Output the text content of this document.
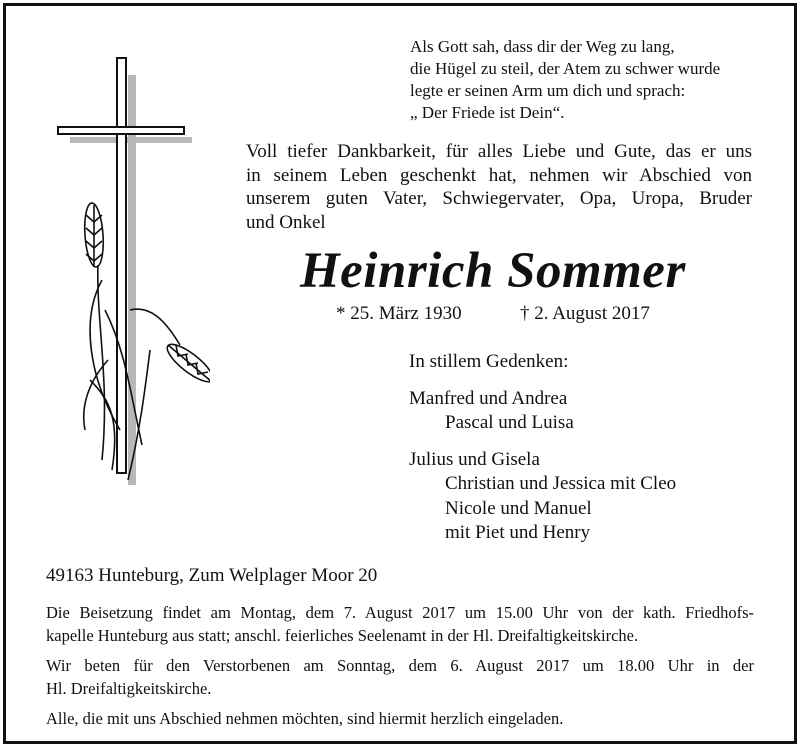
Als Gott sah, dass dir der Weg zu lang,
die Hügel zu steil, der Atem zu schwer wurde
legte er seinen Arm um dich und sprach:
„ Der Friede ist Dein“.
Voll tiefer Dankbarkeit, für alles Liebe und Gute, das er uns
in seinem Leben geschenkt hat, nehmen wir Abschied von
unserem guten Vater, Schwiegervater, Opa, Uropa, Bruder
und Onkel
Heinrich Sommer
* 25. März 1930	† 2. August 2017
In stillem Gedenken:
Manfred und Andrea
Pascal und Luisa
Julius und Gisela
Christian und Jessica mit Cleo
Nicole und Manuel
mit Piet und Henry
49163 Hunteburg, Zum Welplager Moor 20

Die Beisetzung findet am Montag, dem 7. August 2017 um 15.00 Uhr von der kath. Friedhofs-
kapelle Hunteburg aus statt; anschl. feierliches Seelenamt in der Hl. Dreifaltigkeitskirche.

Wir beten für den Verstorbenen am Sonntag, dem 6. August 2017 um 18.00 Uhr in der
Hl. Dreifaltigkeitskirche.

Alle, die mit uns Abschied nehmen möchten, sind hiermit herzlich eingeladen.
